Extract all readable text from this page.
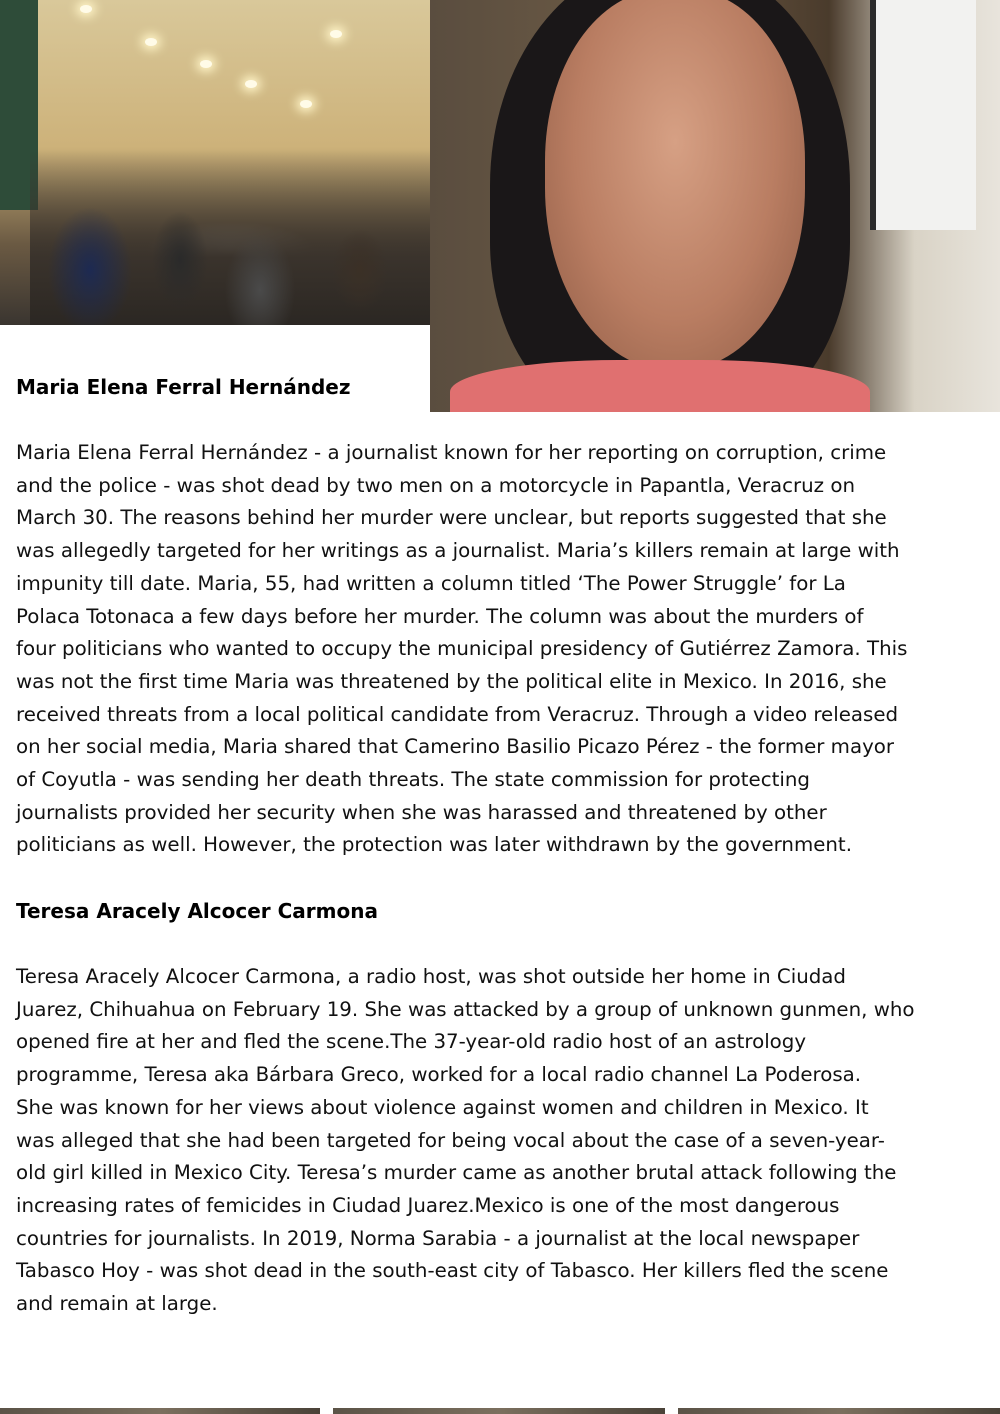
Maria Elena Ferral Hernández

Maria Elena Ferral Hernández - a journalist known for her reporting on corruption, crime
and the police - was shot dead by two men on a motorcycle in Papantla, Veracruz on
March 30. The reasons behind her murder were unclear, but reports suggested that she
was allegedly targeted for her writings as a journalist. Maria’s killers remain at large with
impunity till date. Maria, 55, had written a column titled ‘The Power Struggle’ for La
Polaca Totonaca a few days before her murder. The column was about the murders of
four politicians who wanted to occupy the municipal presidency of Gutiérrez Zamora. This
was not the first time Maria was threatened by the political elite in Mexico. In 2016, she
received threats from a local political candidate from Veracruz. Through a video released
on her social media, Maria shared that Camerino Basilio Picazo Pérez - the former mayor
of Coyutla - was sending her death threats. The state commission for protecting
journalists provided her security when she was harassed and threatened by other
politicians as well. However, the protection was later withdrawn by the government.

Teresa Aracely Alcocer Carmona

Teresa Aracely Alcocer Carmona, a radio host, was shot outside her home in Ciudad
Juarez, Chihuahua on February 19. She was attacked by a group of unknown gunmen, who
opened fire at her and fled the scene.The 37-year-old radio host of an astrology
programme, Teresa aka Bárbara Greco, worked for a local radio channel La Poderosa.
She was known for her views about violence against women and children in Mexico. It
was alleged that she had been targeted for being vocal about the case of a seven-year-
old girl killed in Mexico City. Teresa’s murder came as another brutal attack following the
increasing rates of femicides in Ciudad Juarez.Mexico is one of the most dangerous
countries for journalists. In 2019, Norma Sarabia - a journalist at the local newspaper
Tabasco Hoy - was shot dead in the south-east city of Tabasco. Her killers fled the scene
and remain at large.
